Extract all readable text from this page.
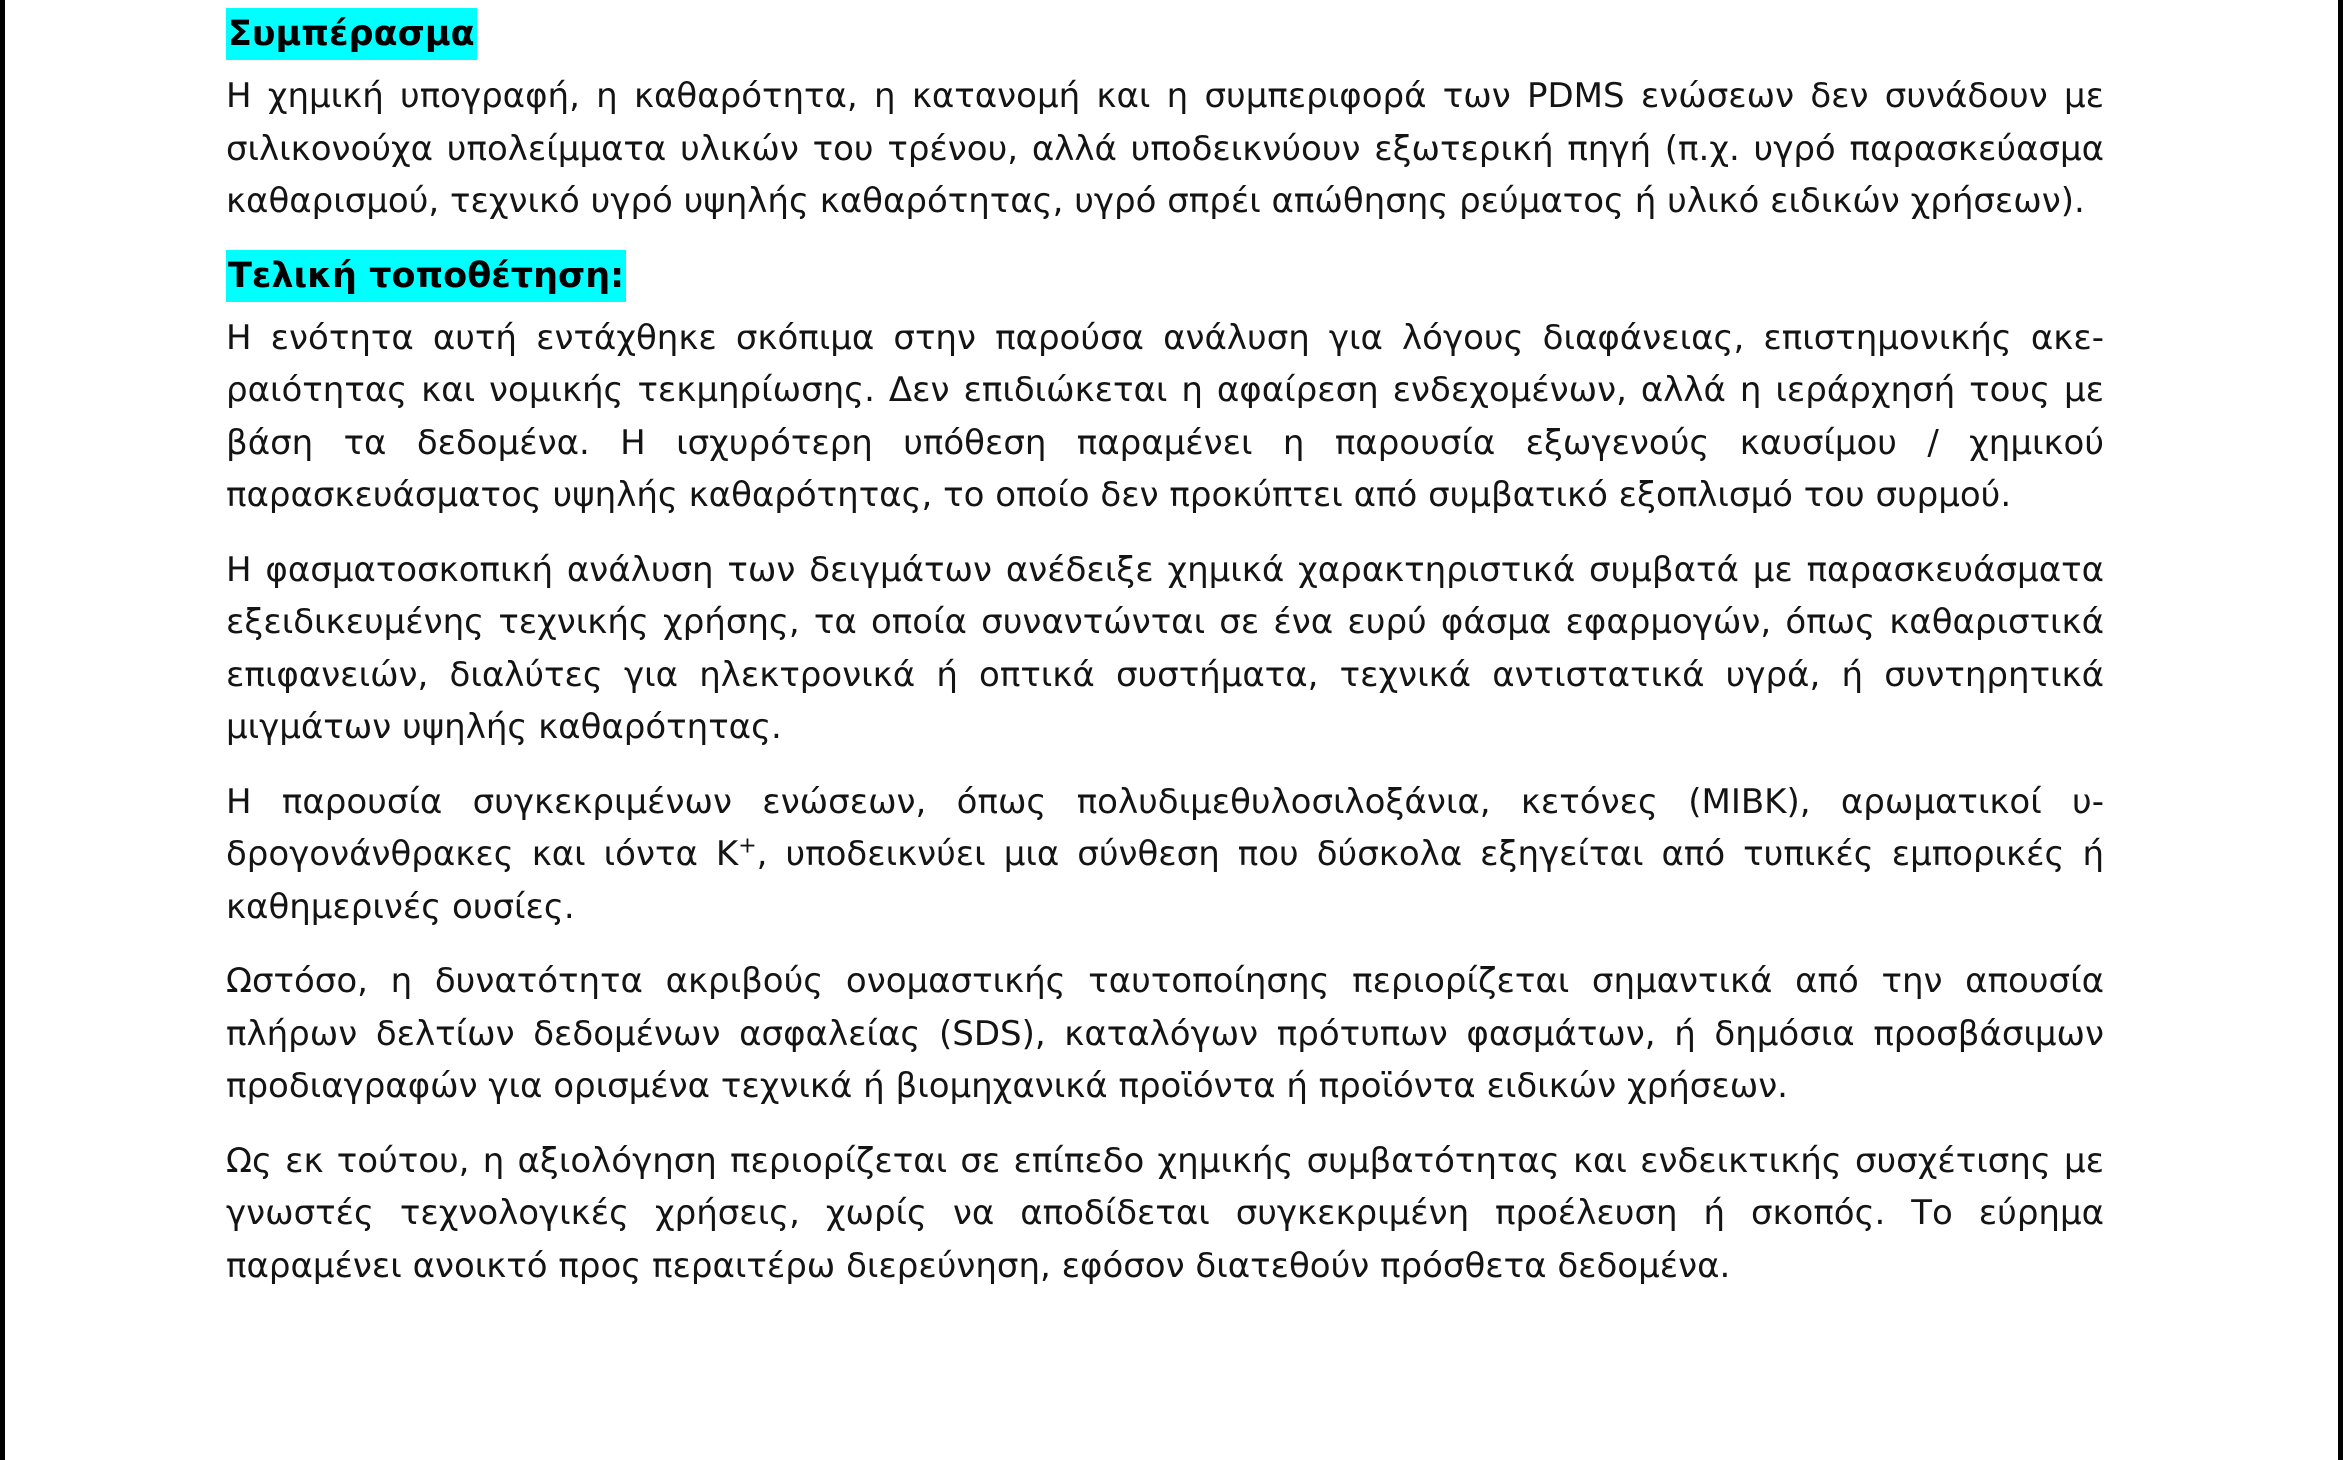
Συμπέρασμα

Η χημική υπογραφή, η καθαρότητα, η κατανομή και η συμπεριφορά των PDMS ενώσεων δεν συνάδουν με σιλικονούχα υπολείμματα υλικών του τρένου, αλλά υποδεικνύουν εξωτερική πηγή (π.χ. υγρό παρασκεύασμα καθαρισμού, τεχνικό υγρό υψηλής καθαρότητας, υγρό σπρέι απώθησης ρεύματος ή υλικό ειδικών χρήσεων).

Τελική τοποθέτηση:

Η ενότητα αυτή εντάχθηκε σκόπιμα στην παρούσα ανάλυση για λόγους διαφάνειας, επιστημονικής ακεραιότητας και νομικής τεκμηρίωσης. Δεν επιδιώκεται η αφαίρεση ενδεχομένων, αλλά η ιεράρχησή τους με βάση τα δεδομένα. Η ισχυρότερη υπόθεση παραμένει η παρουσία εξωγενούς καυσίμου / χημικού παρασκευάσματος υψηλής καθαρότητας, το οποίο δεν προκύπτει από συμβατικό εξοπλισμό του συρμού.

Η φασματοσκοπική ανάλυση των δειγμάτων ανέδειξε χημικά χαρακτηριστικά συμβατά με παρασκευάσματα εξειδικευμένης τεχνικής χρήσης, τα οποία συναντώνται σε ένα ευρύ φάσμα εφαρμογών, όπως καθαριστικά επιφανειών, διαλύτες για ηλεκτρονικά ή οπτικά συστήματα, τεχνικά αντιστατικά υγρά, ή συντηρητικά μιγμάτων υψηλής καθαρότητας.

Η παρουσία συγκεκριμένων ενώσεων, όπως πολυδιμεθυλοσιλοξάνια, κετόνες (MIBK), αρωματικοί υδρογονάνθρακες και ιόντα K+, υποδεικνύει μια σύνθεση που δύσκολα εξηγείται από τυπικές εμπορικές ή καθημερινές ουσίες.

Ωστόσο, η δυνατότητα ακριβούς ονομαστικής ταυτοποίησης περιορίζεται σημαντικά από την απουσία πλήρων δελτίων δεδομένων ασφαλείας (SDS), καταλόγων πρότυπων φασμάτων, ή δημόσια προσβάσιμων προδιαγραφών για ορισμένα τεχνικά ή βιομηχανικά προϊόντα ή προϊόντα ειδικών χρήσεων.

Ως εκ τούτου, η αξιολόγηση περιορίζεται σε επίπεδο χημικής συμβατότητας και ενδεικτικής συσχέτισης με γνωστές τεχνολογικές χρήσεις, χωρίς να αποδίδεται συγκεκριμένη προέλευση ή σκοπός. Το εύρημα παραμένει ανοικτό προς περαιτέρω διερεύνηση, εφόσον διατεθούν πρόσθετα δεδομένα.
